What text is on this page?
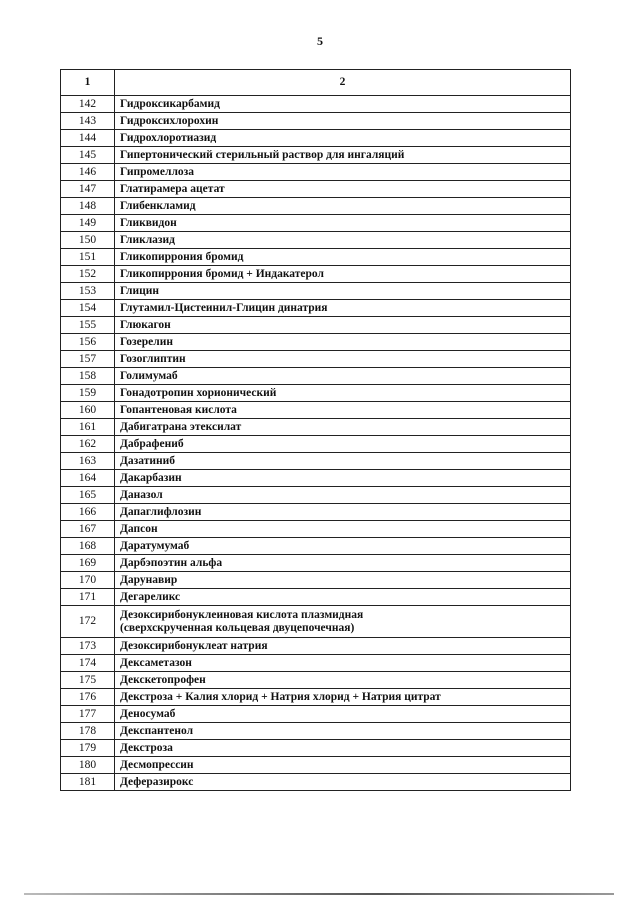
5
1	2
142	Гидроксикарбамид

143	Гидроксихлорохин

144	Гидрохлоротиазид

145	Гипертонический стерильный раствор для ингаляций

146	Гипромеллоза

147	Глатирамера ацетат

148	Глибенкламид

149	Гликвидон

150	Гликлазид

151	Гликопиррония бромид

152	Гликопиррония бромид + Индакатерол

153	Глицин

154	Глутамил-Цистеинил-Глицин динатрия

155	Глюкагон

156	Гозерелин

157	Гозоглиптин

158	Голимумаб

159	Гонадотропин хорионический

160	Гопантеновая кислота

161	Дабигатрана этексилат

162	Дабрафениб

163	Дазатиниб

164	Дакарбазин

165	Даназол

166	Дапаглифлозин

167	Дапсон

168	Даратумумаб

169	Дарбэпоэтин альфа

170	Дарунавир

171	Дегареликс

172	Дезоксирибонуклеиновая кислота плазмидная
(сверхскрученная кольцевая двуцепочечная)

173	Дезоксирибонуклеат натрия

174	Дексаметазон

175	Декскетопрофен

176	Декстроза + Калия хлорид + Натрия хлорид + Натрия цитрат

177	Деносумаб

178	Декспантенол

179	Декстроза

180	Десмопрессин

181	Деферазирокс
